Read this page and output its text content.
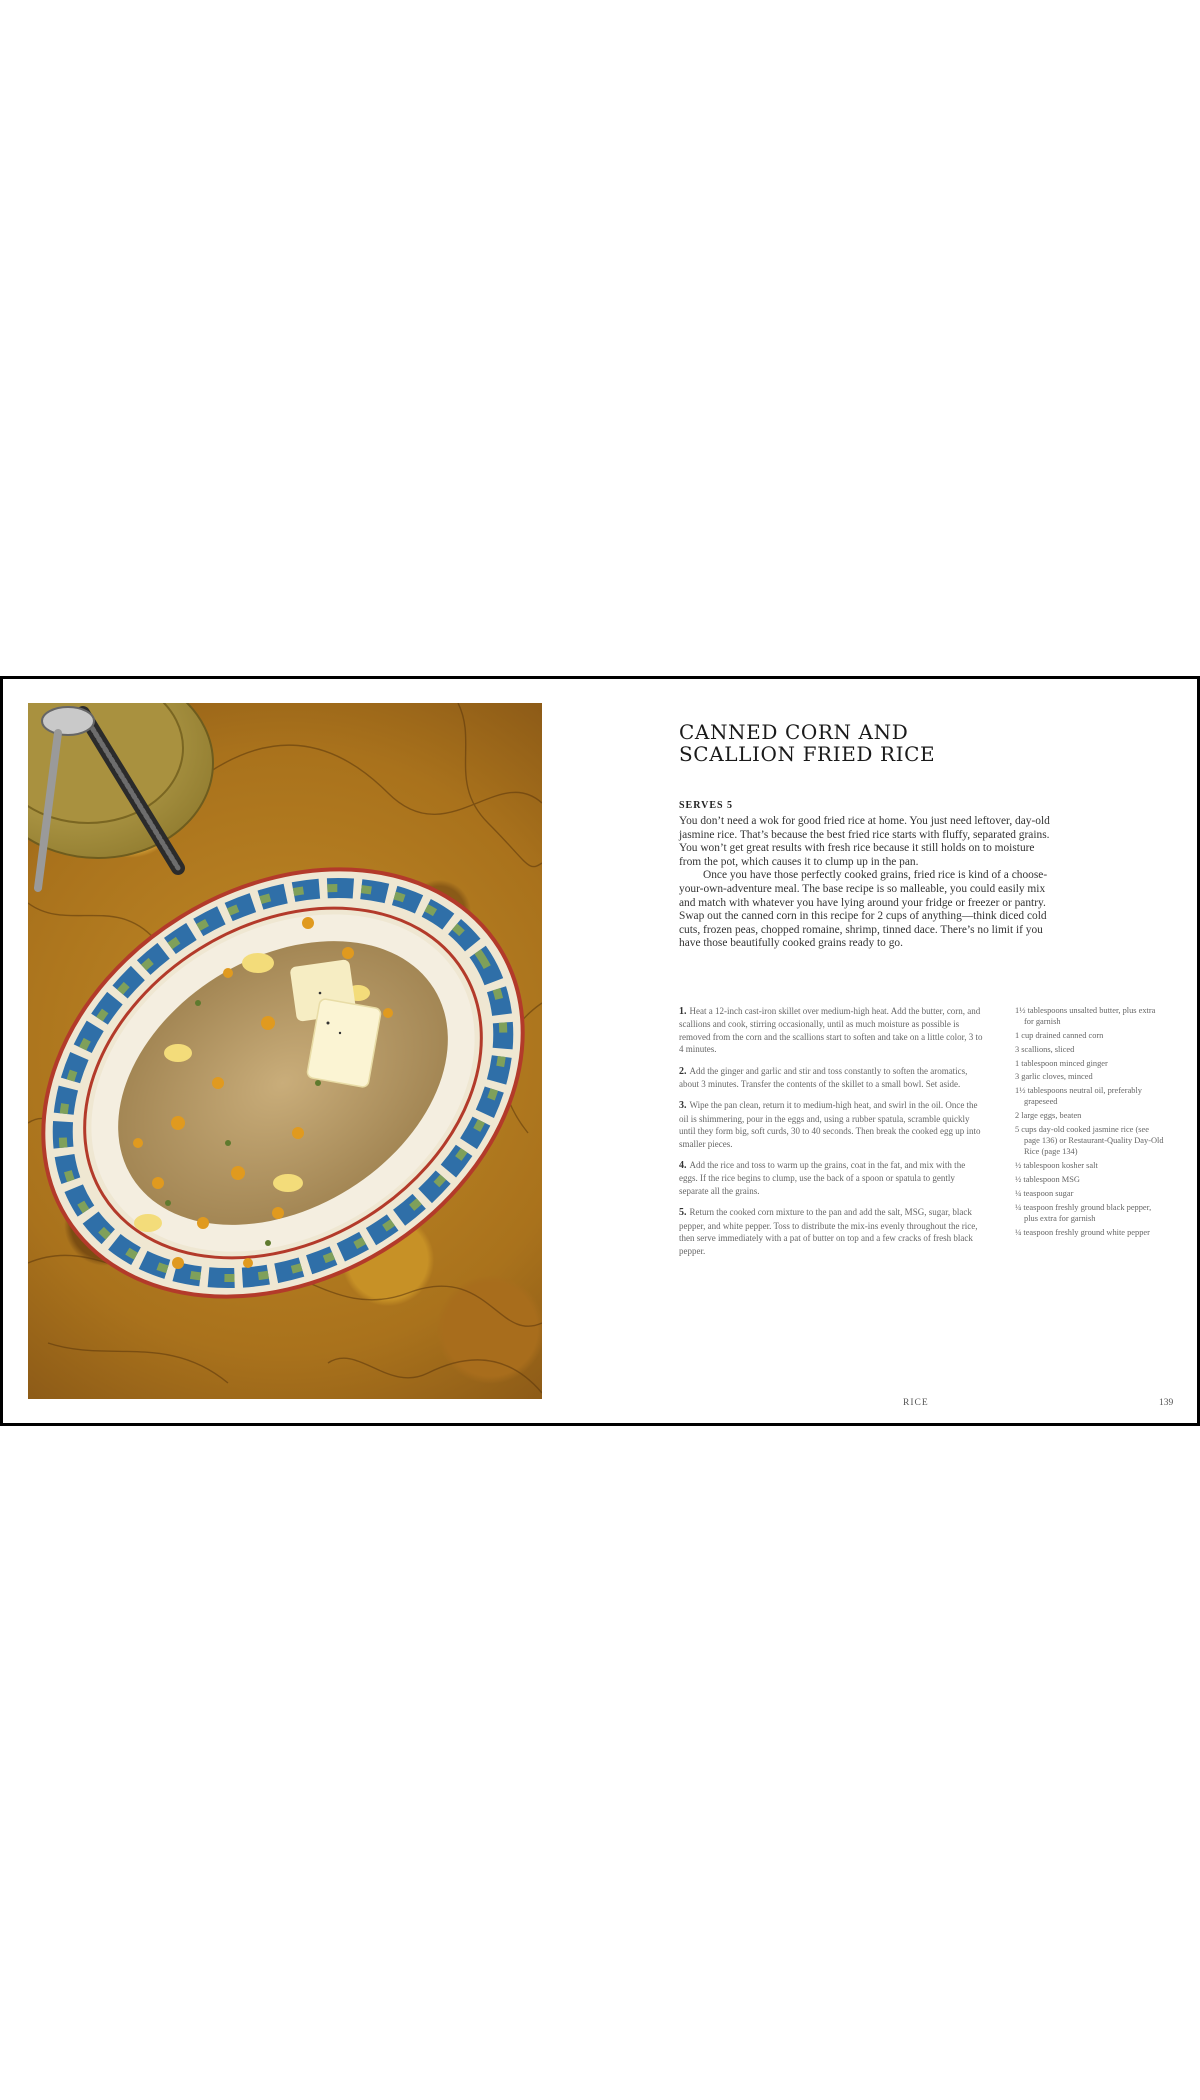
CANNED CORN AND
SCALLION FRIED RICE
SERVES 5

You don’t need a wok for good fried rice at home. You just need leftover, day-old jasmine rice. That’s because the best fried rice starts with fluffy, separated grains. You won’t get great results with fresh rice because it still holds on to moisture from the pot, which causes it to clump up in the pan.

Once you have those perfectly cooked grains, fried rice is kind of a choose-your-own-adventure meal. The base recipe is so malleable, you could easily mix and match with whatever you have lying around your fridge or freezer or pantry. Swap out the canned corn in this recipe for 2 cups of anything—think diced cold cuts, frozen peas, chopped romaine, shrimp, tinned dace. There’s no limit if you have those beautifully cooked grains ready to go.

1. Heat a 12-inch cast-iron skillet over medium-high heat. Add the butter, corn, and scallions and cook, stirring occasionally, until as much moisture as possible is removed from the corn and the scallions start to soften and take on a little color, 3 to 4 minutes.
2. Add the ginger and garlic and stir and toss constantly to soften the aromatics, about 3 minutes. Transfer the contents of the skillet to a small bowl. Set aside.
3. Wipe the pan clean, return it to medium-high heat, and swirl in the oil. Once the oil is shimmering, pour in the eggs and, using a rubber spatula, scramble quickly until they form big, soft curds, 30 to 40 seconds. Then break the cooked egg up into smaller pieces.
4. Add the rice and toss to warm up the grains, coat in the fat, and mix with the eggs. If the rice begins to clump, use the back of a spoon or spatula to gently separate all the grains.
5. Return the cooked corn mixture to the pan and add the salt, MSG, sugar, black pepper, and white pepper. Toss to distribute the mix-ins evenly throughout the rice, then serve immediately with a pat of butter on top and a few cracks of fresh black pepper.
1½ tablespoons unsalted butter, plus extra for garnish
1 cup drained canned corn
3 scallions, sliced
1 tablespoon minced ginger
3 garlic cloves, minced
1½ tablespoons neutral oil, preferably grapeseed
2 large eggs, beaten
5 cups day-old cooked jasmine rice (see page 136) or Restaurant-Quality Day-Old Rice (page 134)
½ tablespoon kosher salt
½ tablespoon MSG
¼ teaspoon sugar
¼ teaspoon freshly ground black pepper, plus extra for garnish
¼ teaspoon freshly ground white pepper
RICE	139
